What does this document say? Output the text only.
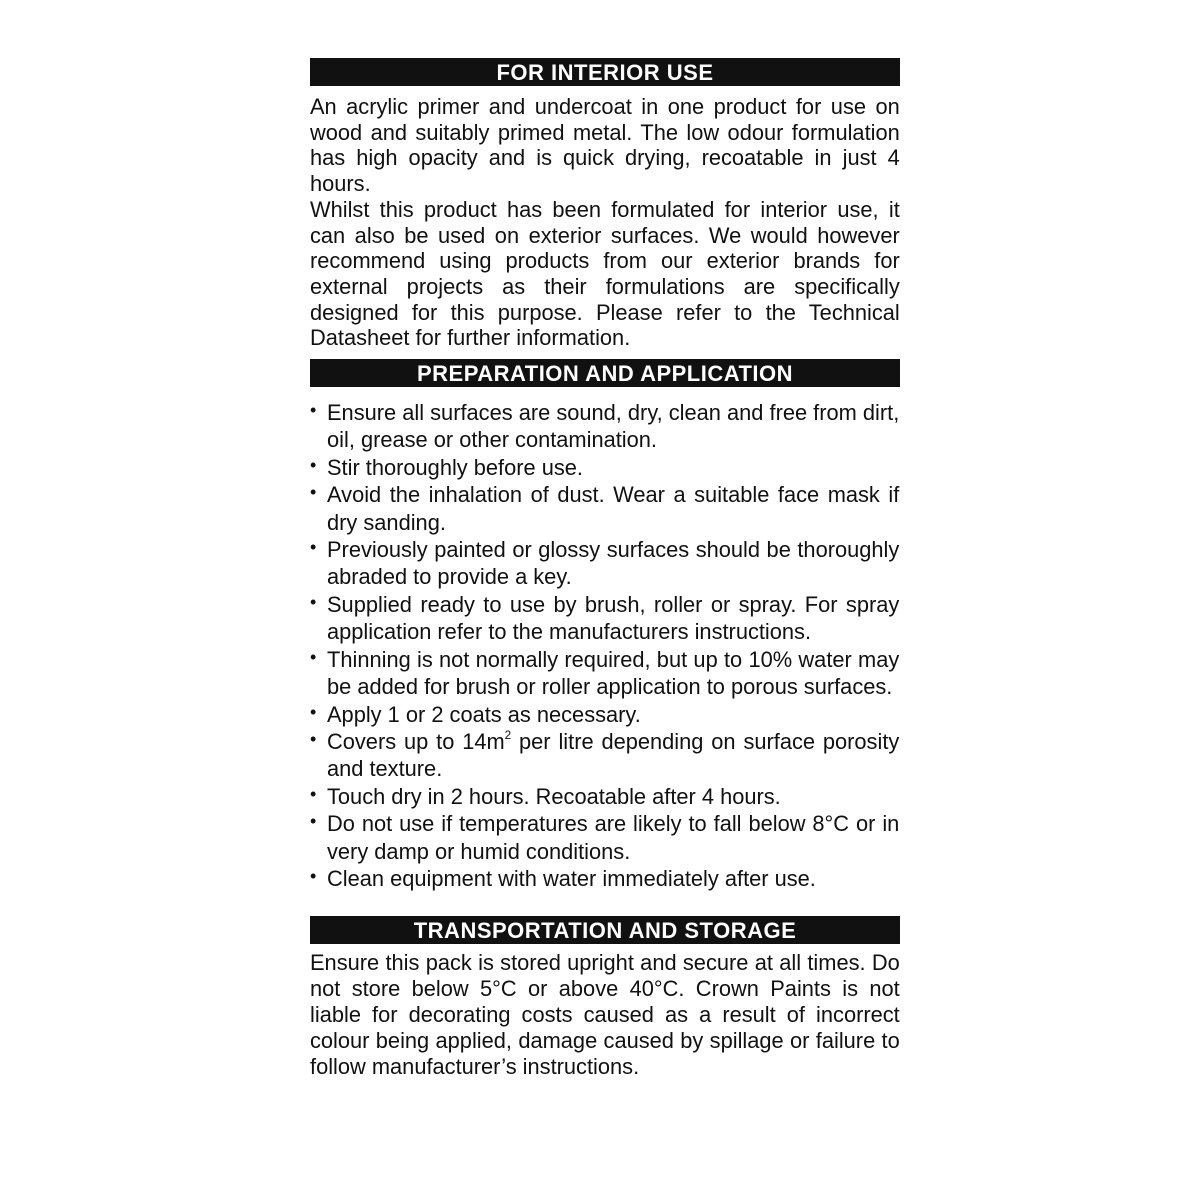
FOR INTERIOR USE

An acrylic primer and undercoat in one product for use on wood and suitably primed metal. The low odour formulation has high opacity and is quick drying, recoatable in just 4 hours.

Whilst this product has been formulated for interior use, it can also be used on exterior surfaces. We would however recommend using products from our exterior brands for external projects as their formulations are specifically designed for this purpose. Please refer to the Technical Datasheet for further information.

PREPARATION AND APPLICATION
• Ensure all surfaces are sound, dry, clean and free from dirt, oil, grease or other contamination.
• Stir thoroughly before use.
• Avoid the inhalation of dust. Wear a suitable face mask if dry sanding.
• Previously painted or glossy surfaces should be thoroughly abraded to provide a key.
• Supplied ready to use by brush, roller or spray. For spray application refer to the manufacturers instructions.
• Thinning is not normally required, but up to 10% water may be added for brush or roller application to porous surfaces.
• Apply 1 or 2 coats as necessary.
• Covers up to $14m^2$ per litre depending on surface porosity and texture.
• Touch dry in 2 hours. Recoatable after 4 hours.
• Do not use if temperatures are likely to fall below 8°C or in very damp or humid conditions.
• Clean equipment with water immediately after use.
TRANSPORTATION AND STORAGE

Ensure this pack is stored upright and secure at all times. Do not store below 5°C or above 40°C. Crown Paints is not liable for decorating costs caused as a result of incorrect colour being applied, damage caused by spillage or failure to follow manufacturer’s instructions.
